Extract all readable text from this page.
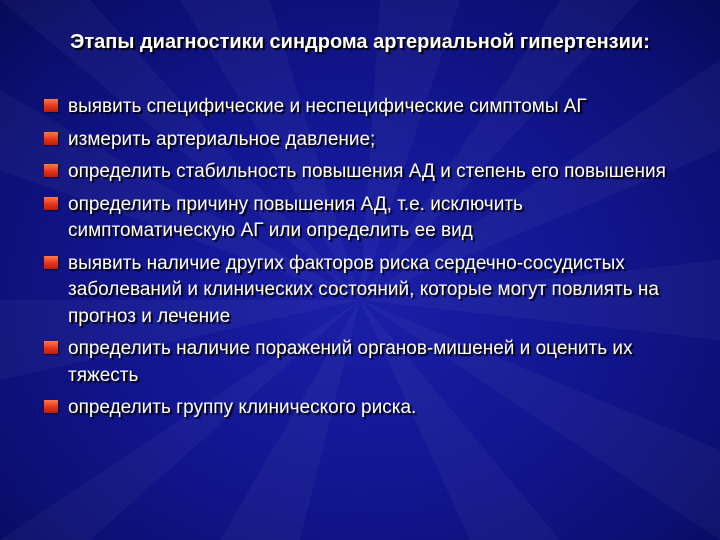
Этапы диагностики синдрома артериальной гипертензии:
выявить специфические и неспецифические симптомы АГ
измерить артериальное давление;
определить стабильность повышения АД и степень его повышения
определить причину повышения АД, т.е. исключить симптоматическую АГ или определить ее вид
выявить наличие других факторов риска сердечно-сосудистых заболеваний и клинических состояний, которые могут повлиять на прогноз и лечение
определить наличие поражений органов-мишеней и оценить их тяжесть
определить группу клинического риска.
